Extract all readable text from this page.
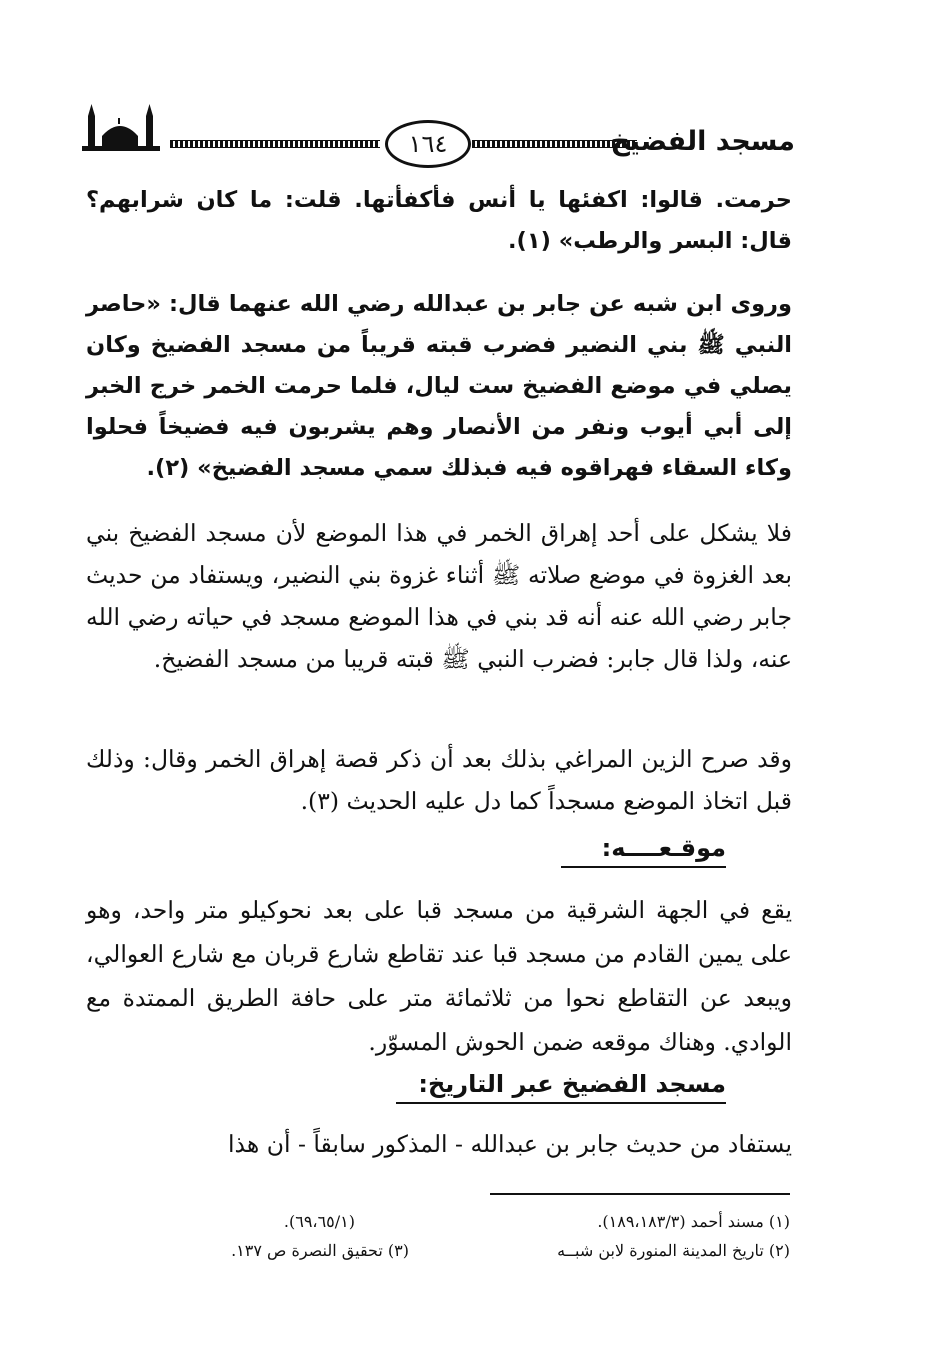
١٦٤	مسجد الفضيخ

حرمت. قالوا: اكفئها يا أنس فأكفأتها. قلت: ما كان شرابهم؟ قال: البسر والرطب» (١).

وروى ابن شبه عن جابر بن عبدالله رضي الله عنهما قال: «حاصر النبي ﷺ بني النضير فضرب قبته قريباً من مسجد الفضيخ وكان يصلي في موضع الفضيخ ست ليال، فلما حرمت الخمر خرج الخبر إلى أبي أيوب ونفر من الأنصار وهم يشربون فيه فضيخاً فحلوا وكاء السقاء فهراقوه فيه فبذلك سمي مسجد الفضيخ» (٢).

فلا يشكل على أحد إهراق الخمر في هذا الموضع لأن مسجد الفضيخ بني بعد الغزوة في موضع صلاته ﷺ أثناء غزوة بني النضير، ويستفاد من حديث جابر رضي الله عنه أنه قد بني في هذا الموضع مسجد في حياته رضي الله عنه، ولذا قال جابر: فضرب النبي ﷺ قبته قريبا من مسجد الفضيخ.

وقد صرح الزين المراغي بذلك بعد أن ذكر قصة إهراق الخمر وقال: وذلك قبل اتخاذ الموضع مسجداً كما دل عليه الحديث (٣).

موقـعــــه:

يقع في الجهة الشرقية من مسجد قبا على بعد نحوكيلو متر واحد، وهو على يمين القادم من مسجد قبا عند تقاطع شارع قربان مع شارع العوالي، ويبعد عن التقاطع نحوا من ثلاثمائة متر على حافة الطريق الممتدة مع الوادي. وهناك موقعه ضمن الحوش المسوّر.

مسجد الفضيخ عبر التاريخ:

يستفاد من حديث جابر بن عبدالله - المذكور سابقاً - أن هذا

(١) مسند أحمد (١٨٩،١٨٣/٣).
(٦٩،٦٥/١).
(٢) تاريخ المدينة المنورة لابن شبــه
(٣) تحقيق النصرة ص ١٣٧.
